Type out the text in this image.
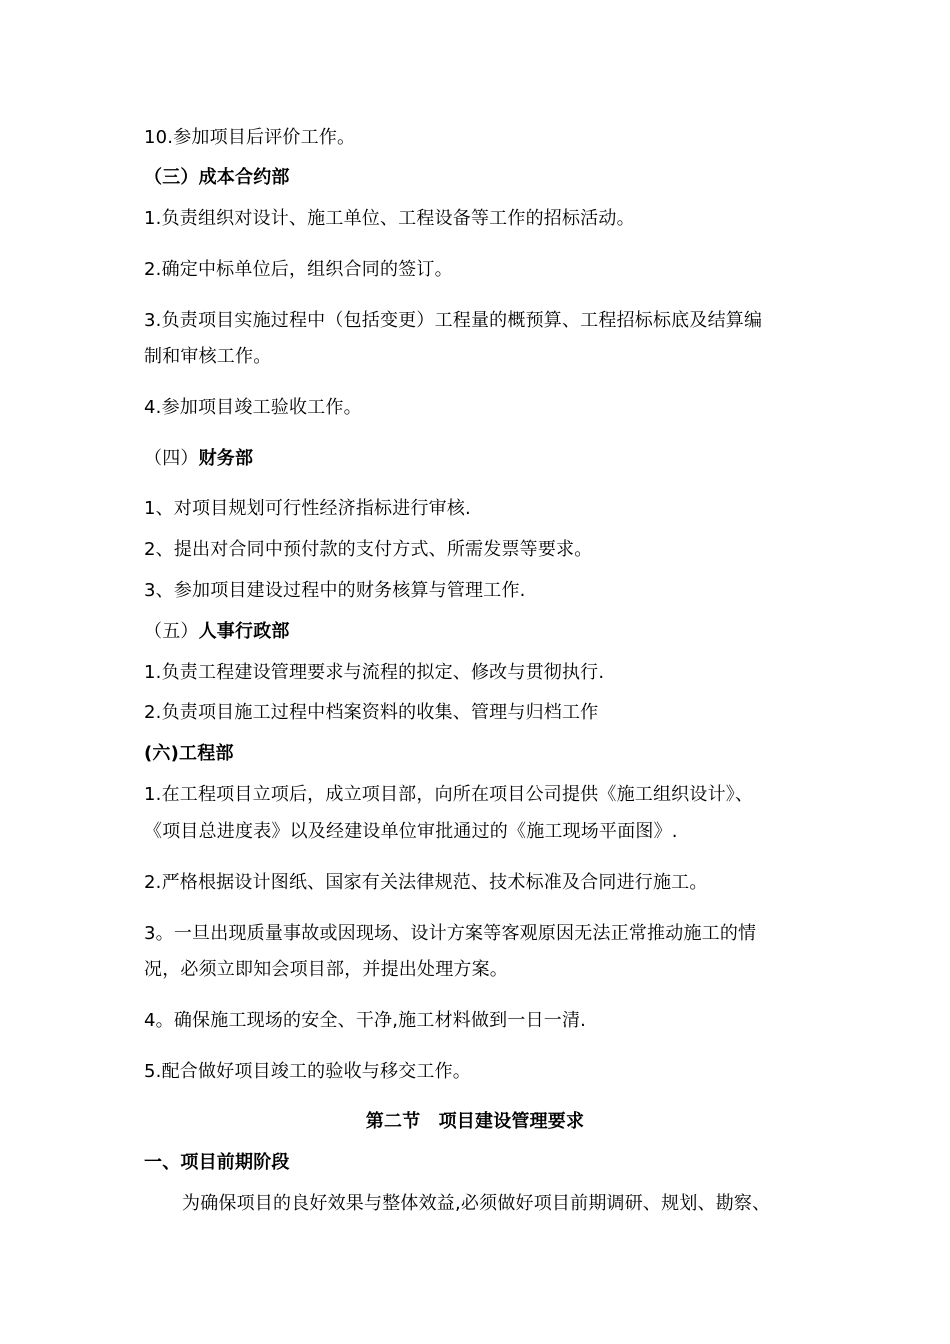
10.参加项目后评价工作。
（三）成本合约部
1.负责组织对设计、施工单位、工程设备等工作的招标活动。
2.确定中标单位后，组织合同的签订。
3.负责项目实施过程中（包括变更）工程量的概预算、工程招标标底及结算编
制和审核工作。
4.参加项目竣工验收工作。
（四）财务部
1、对项目规划可行性经济指标进行审核.
2、提出对合同中预付款的支付方式、所需发票等要求。
3、参加项目建设过程中的财务核算与管理工作.
（五）人事行政部
1.负责工程建设管理要求与流程的拟定、修改与贯彻执行.
2.负责项目施工过程中档案资料的收集、管理与归档工作
(六)工程部
1.在工程项目立项后，成立项目部，向所在项目公司提供《施工组织设计》、
《项目总进度表》以及经建设单位审批通过的《施工现场平面图》.
2.严格根据设计图纸、国家有关法律规范、技术标准及合同进行施工。
3。一旦出现质量事故或因现场、设计方案等客观原因无法正常推动施工的情
况，必须立即知会项目部，并提出处理方案。
4。确保施工现场的安全、干净,施工材料做到一日一清.
5.配合做好项目竣工的验收与移交工作。
第二节　项目建设管理要求
一、项目前期阶段
为确保项目的良好效果与整体效益,必须做好项目前期调研、规划、勘察、
